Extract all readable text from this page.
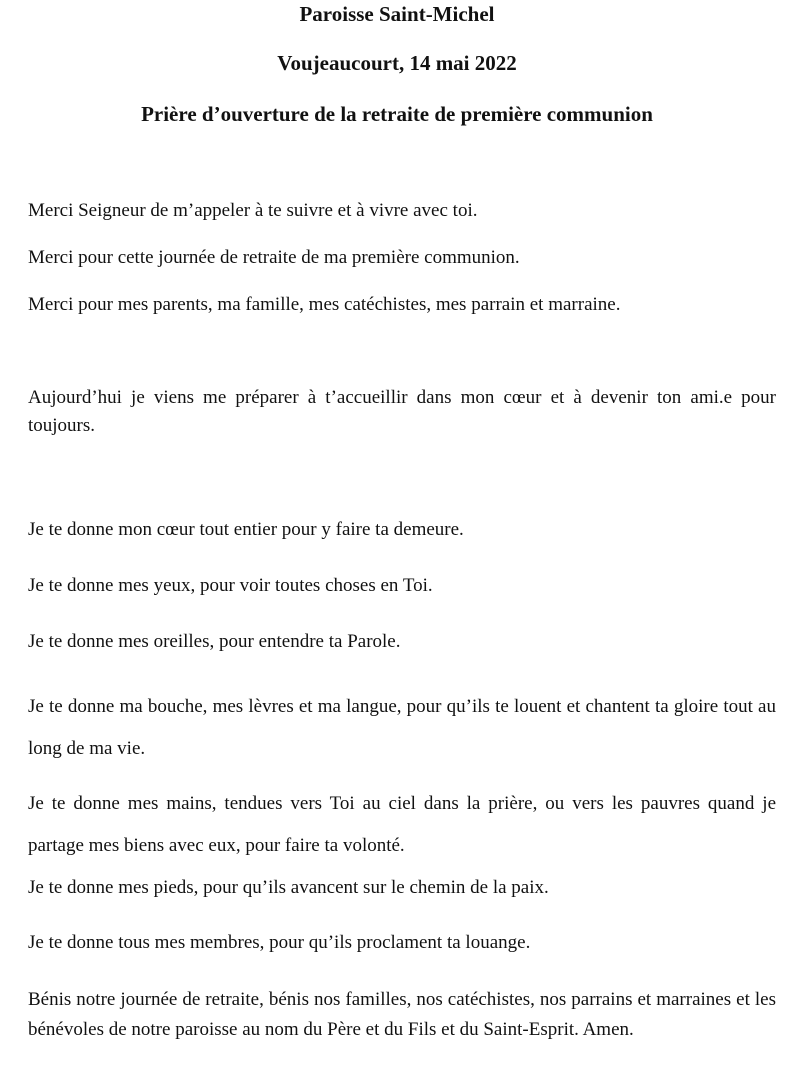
Paroisse Saint-Michel
Voujeaucourt, 14 mai 2022
Prière d’ouverture de la retraite de première communion

Merci Seigneur de m’appeler à te suivre et à vivre avec toi.

Merci pour cette journée de retraite de ma première communion.

Merci pour mes parents, ma famille, mes catéchistes, mes parrain et marraine.

Aujourd’hui je viens me préparer à t’accueillir dans mon cœur et à devenir ton ami.e pour toujours.

Je te donne mon cœur tout entier pour y faire ta demeure.

Je te donne mes yeux, pour voir toutes choses en Toi.

Je te donne mes oreilles, pour entendre ta Parole.

Je te donne ma bouche, mes lèvres et ma langue, pour qu’ils te louent et chantent ta gloire tout au long de ma vie.

Je te donne mes mains, tendues vers Toi au ciel dans la prière, ou vers les pauvres quand je partage mes biens avec eux, pour faire ta volonté.

Je te donne mes pieds, pour qu’ils avancent sur le chemin de la paix.

Je te donne tous mes membres, pour qu’ils proclament ta louange.

Bénis notre journée de retraite, bénis nos familles, nos catéchistes, nos parrains et marraines et les bénévoles de notre paroisse au nom du Père et du Fils et du Saint-Esprit. Amen.
